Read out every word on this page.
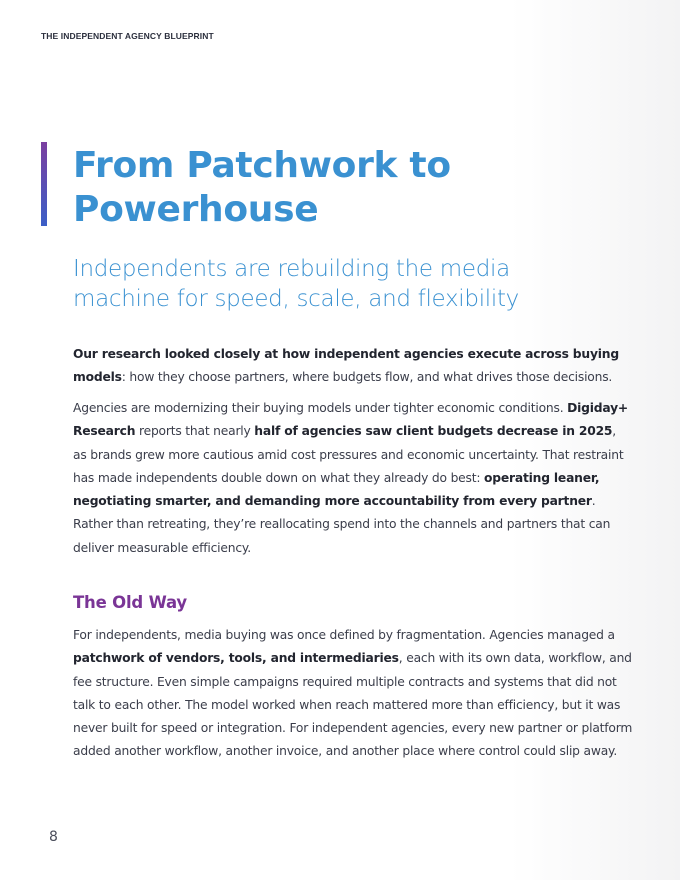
THE INDEPENDENT AGENCY BLUEPRINT
From Patchwork to
Powerhouse
Independents are rebuilding the media
machine for speed, scale, and flexibility

Our research looked closely at how independent agencies execute across buying models: how they choose partners, where budgets flow, and what drives those decisions.

Agencies are modernizing their buying models under tighter economic conditions. Digiday+ Research reports that nearly half of agencies saw client budgets decrease in 2025, as brands grew more cautious amid cost pressures and economic uncertainty. That restraint has made independents double down on what they already do best: operating leaner, negotiating smarter, and demanding more accountability from every partner. Rather than retreating, they’re reallocating spend into the channels and partners that can deliver measurable efficiency.

The Old Way

For independents, media buying was once defined by fragmentation. Agencies managed a patchwork of vendors, tools, and intermediaries, each with its own data, workflow, and fee structure. Even simple campaigns required multiple contracts and systems that did not talk to each other. The model worked when reach mattered more than efficiency, but it was never built for speed or integration. For independent agencies, every new partner or platform added another workflow, another invoice, and another place where control could slip away.

8
